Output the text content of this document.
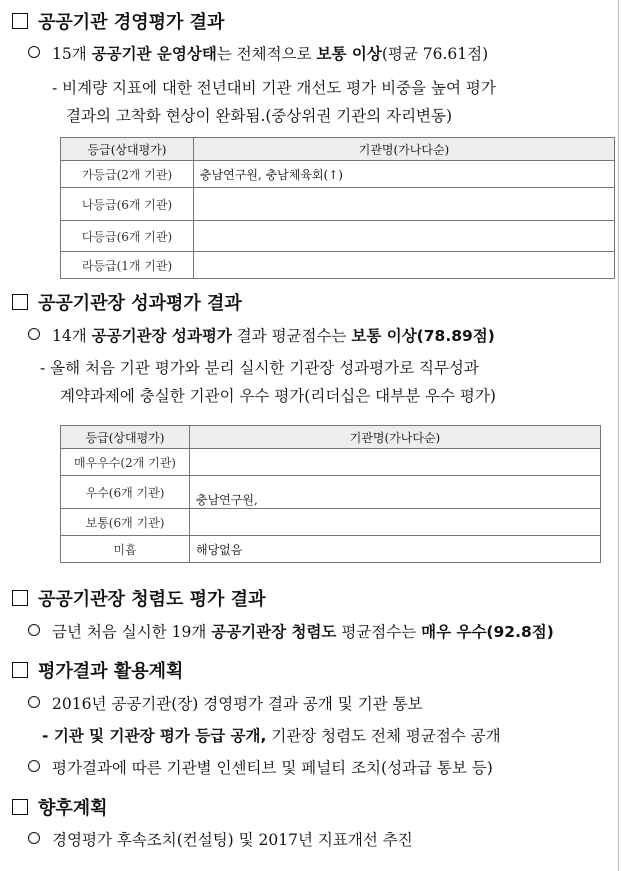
공공기관 경영평가 결과
15개 공공기관 운영상태는 전체적으로 보통 이상(평균 76.61점)
- 비계량 지표에 대한 전년대비 기관 개선도 평가 비중을 높여 평가
결과의 고착화 현상이 완화됨.(중상위권 기관의 자리변동)
등급(상대평가)	기관명(가나다순)
가등급(2개 기관)	충남연구원, 충남체육회(↑)
나등급(6개 기관)	
다등급(6개 기관)	
라등급(1개 기관)	
공공기관장 성과평가 결과
14개 공공기관장 성과평가 결과 평균점수는 보통 이상(78.89점)
- 올해 처음 기관 평가와 분리 실시한 기관장 성과평가로 직무성과
계약과제에 충실한 기관이 우수 평가(리더십은 대부분 우수 평가)
등급(상대평가)	기관명(가나다순)
매우우수(2개 기관)	
우수(6개 기관)	충남연구원,
보통(6개 기관)	
미흡	해당없음
공공기관장 청렴도 평가 결과
금년 처음 실시한 19개 공공기관장 청렴도 평균점수는 매우 우수(92.8점)
평가결과 활용계획
2016년 공공기관(장) 경영평가 결과 공개 및 기관 통보
- 기관 및 기관장 평가 등급 공개, 기관장 청렴도 전체 평균점수 공개
평가결과에 따른 기관별 인센티브 및 페널티 조치(성과급 통보 등)
향후계획
경영평가 후속조치(컨설팅) 및 2017년 지표개선 추진
